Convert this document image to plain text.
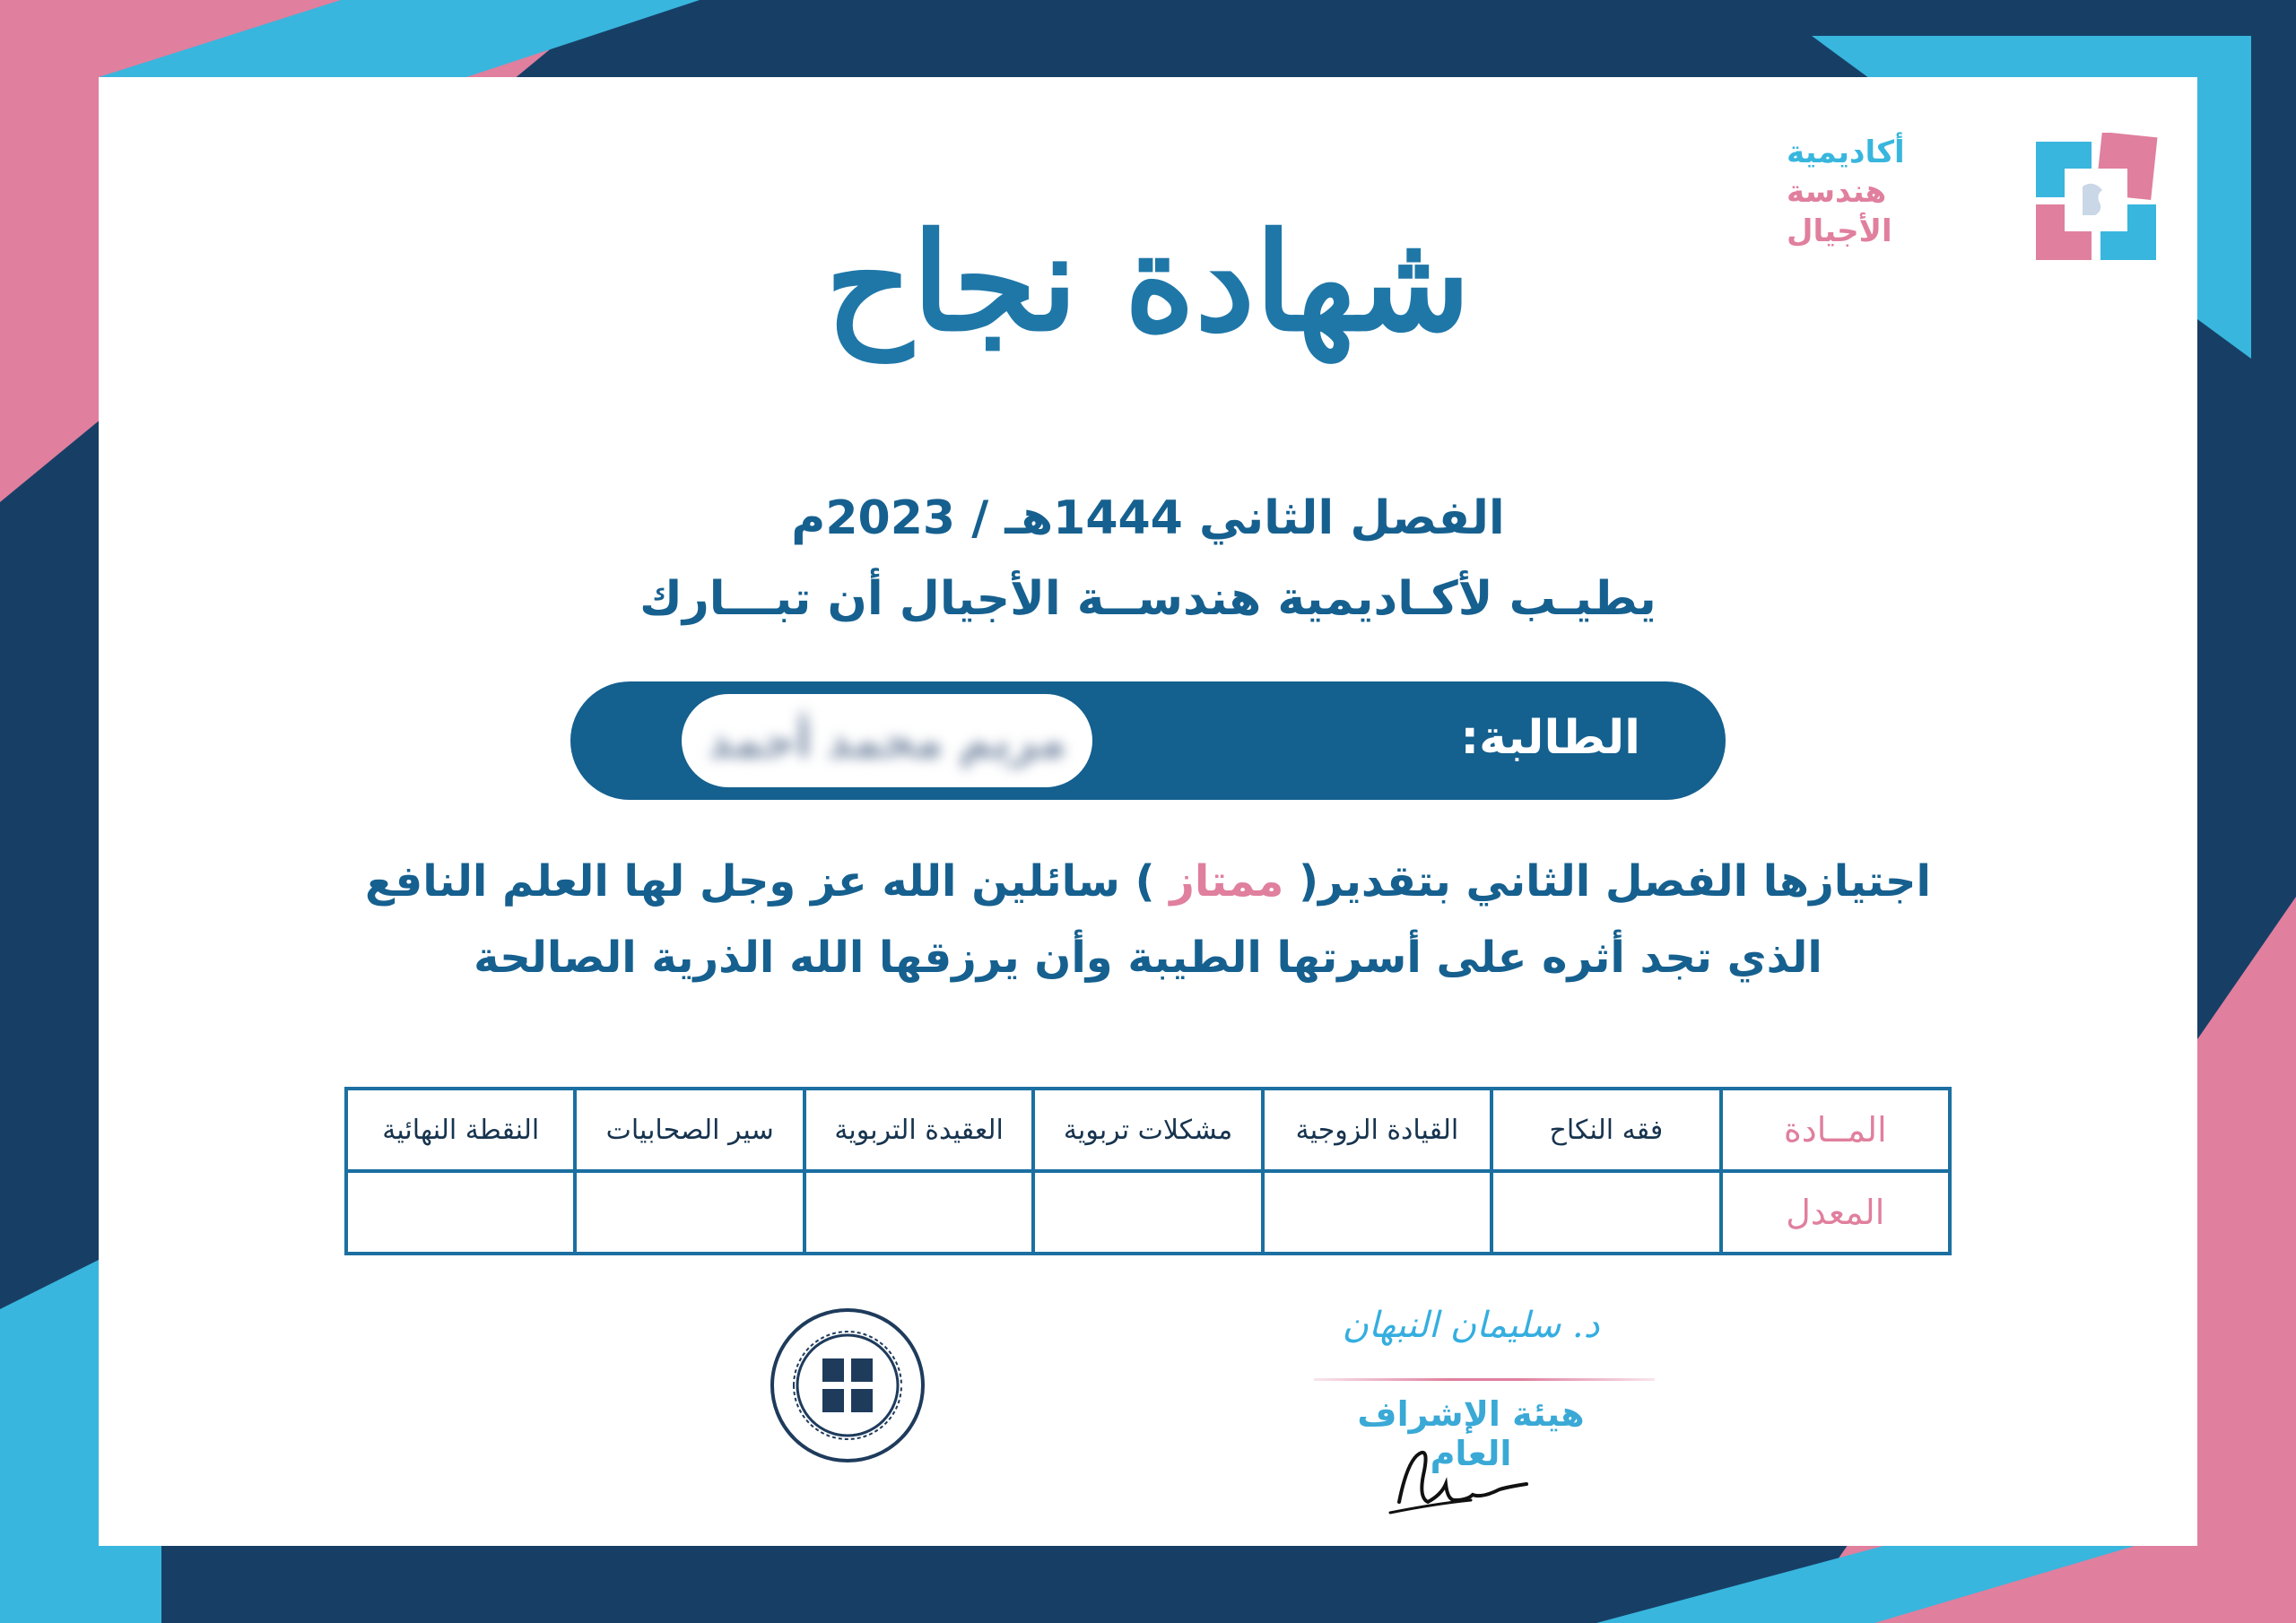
أكاديمية
هندسة
الأجيال
شهادة نجاح
الفصل الثاني 1444هـ / 2023م
يطيـب لأكـاديمية هندســة الأجيال أن تبـــارك
الطالبة:
مريم محمد أحمد
اجتيازها الفصل الثاني بتقدير( ممتاز ) سائلين الله عز وجل لها العلم النافع
الذي تجد أثره على أسرتها الطيبة وأن يرزقها الله الذرية الصالحة
المــادة	فقه النكاح	القيادة الزوجية	مشكلات تربوية	العقيدة التربوية	سير الصحابيات	النقطة النهائية
المعدل						
د. سليمان النبهان
هيئة الإشراف العام
